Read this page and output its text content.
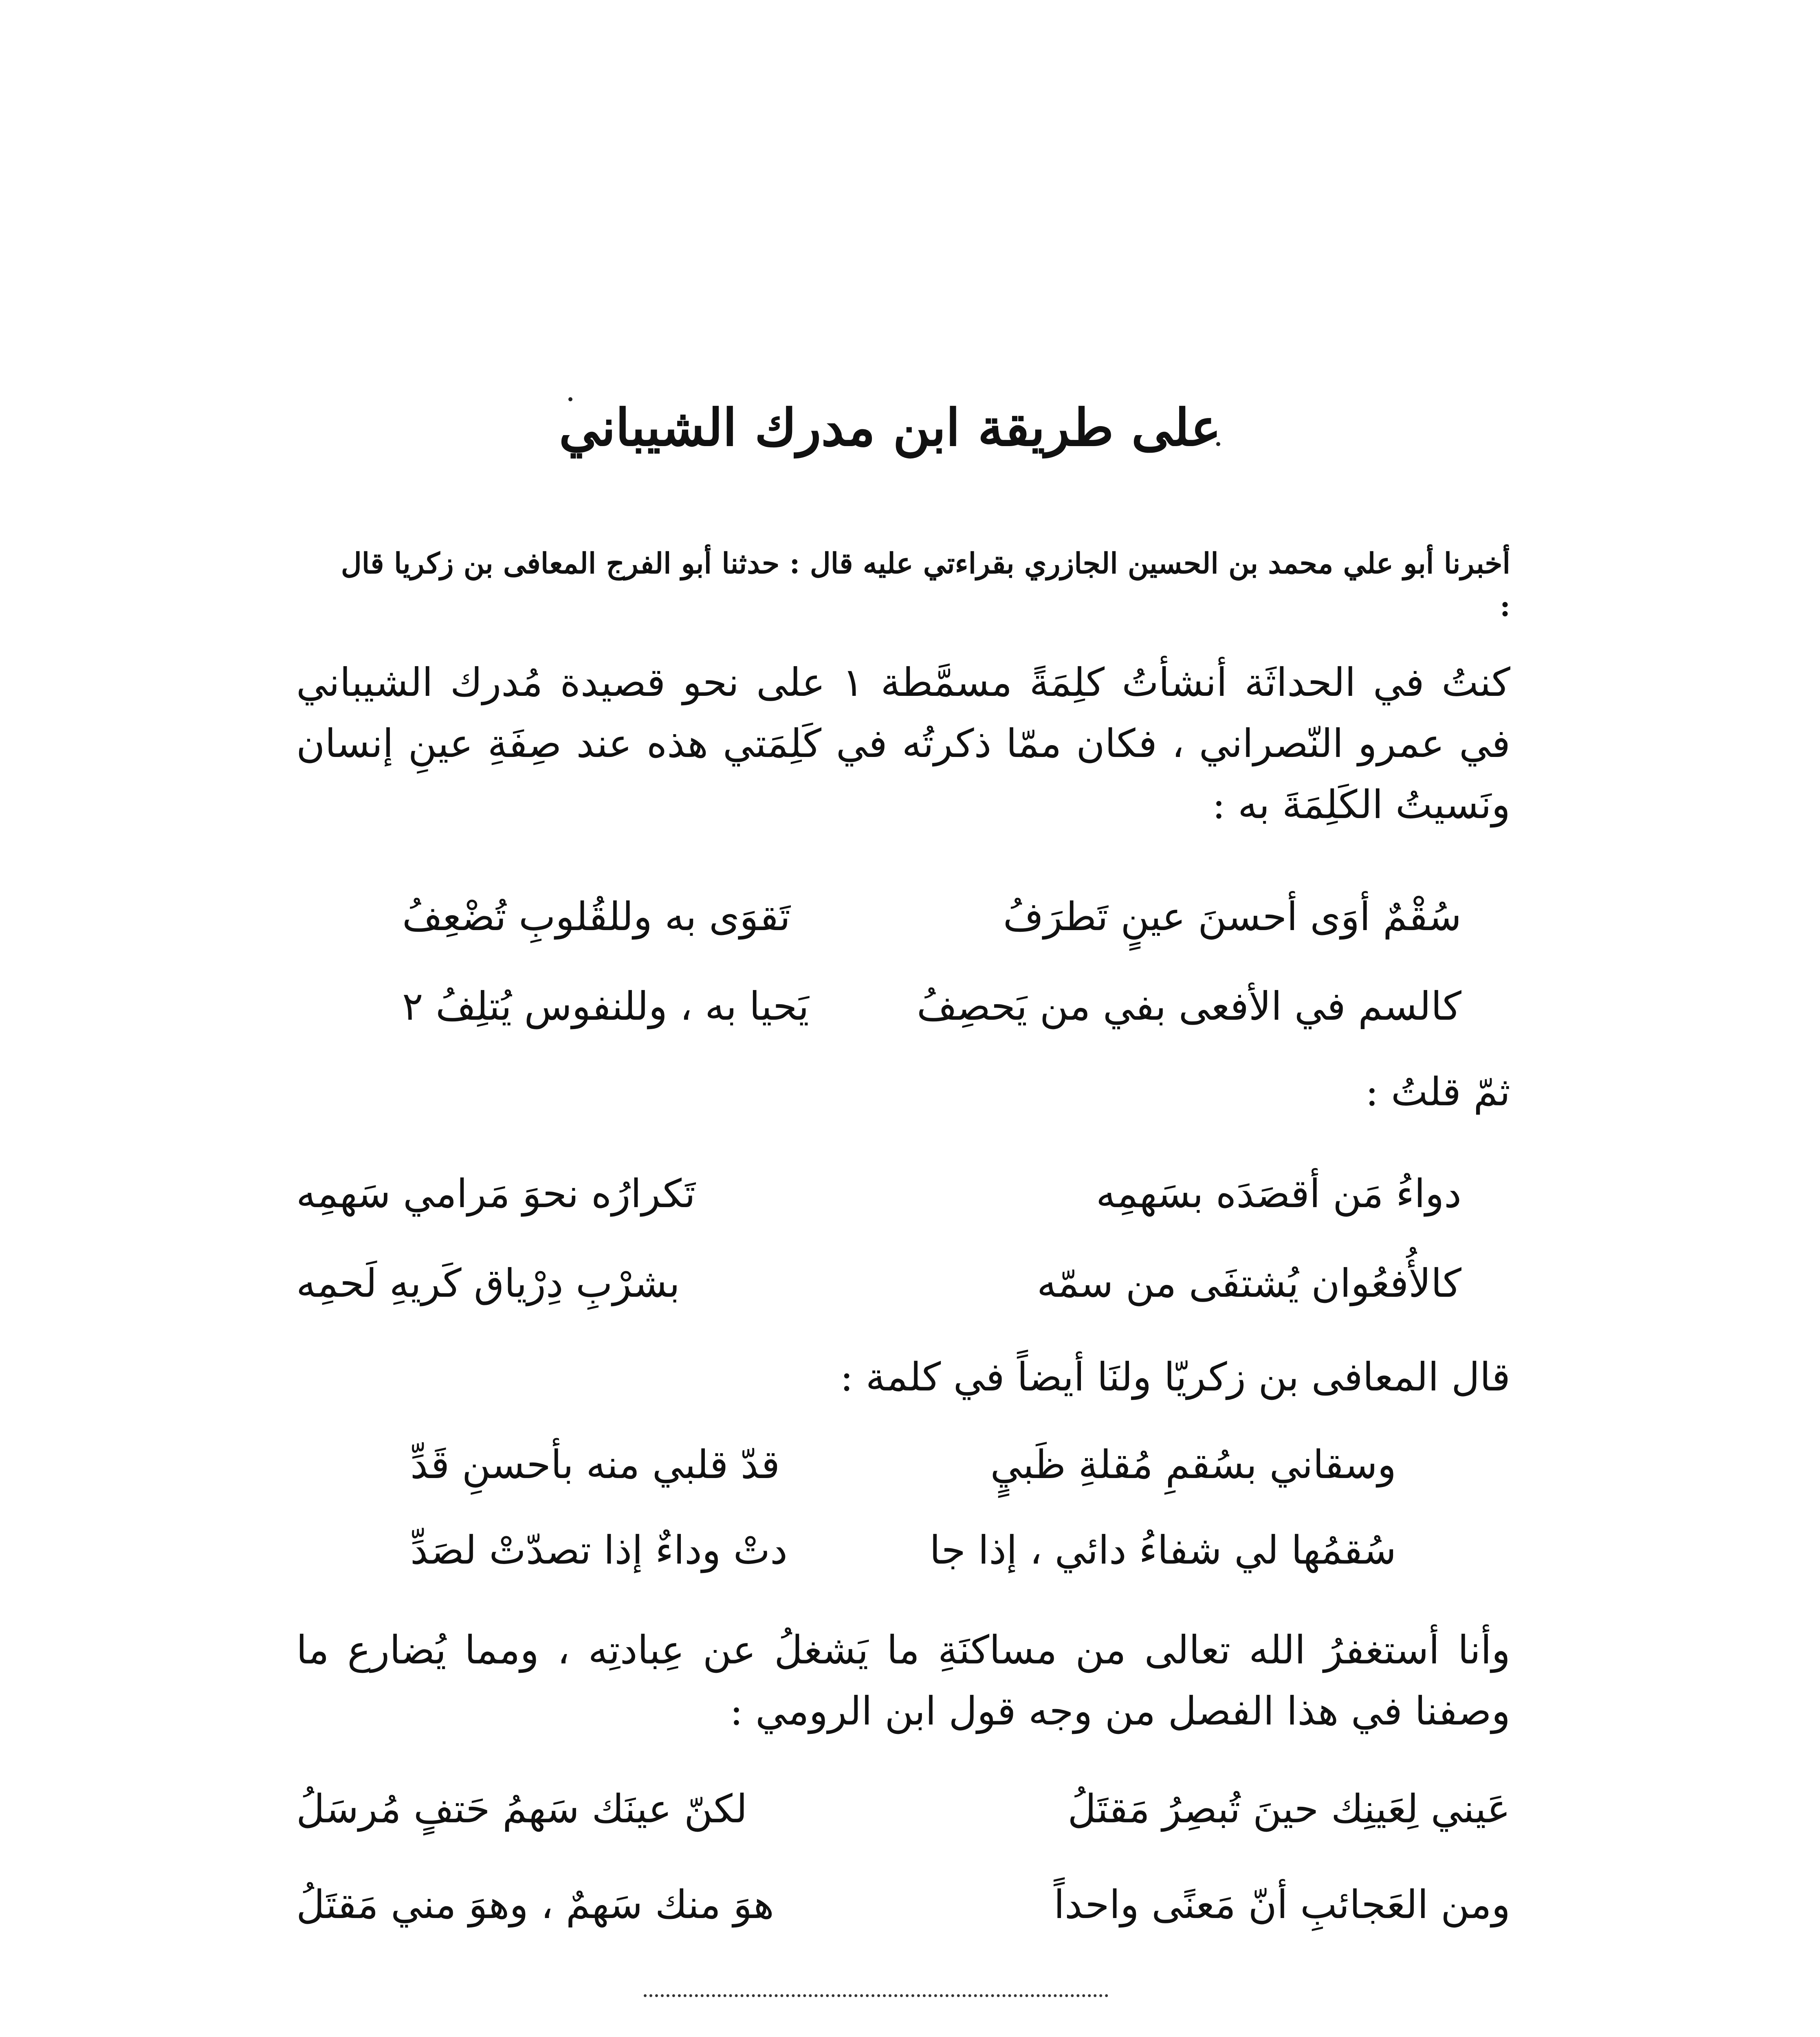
على طريقة ابن مدرك الشيباني
أخبرنا أبو علي محمد بن الحسين الجازري بقراءتي عليه قال : حدثنا أبو الفرج المعافى بن زكريا قال :
كنتُ في الحداثَة أنشأتُ كلِمَةً مسمَّطة ١ على نحو قصيدة مُدرك الشيباني في عمرو النّصراني ، فكان ممّا ذكرتُه في كَلِمَتي هذه عند صِفَةِ عينِ إنسان ونَسيتُ الكَلِمَةَ به :
سُقْمٌ أوَى أحسنَ عينٍ تَطرَفُ
تَقوَى به وللقُلوبِ تُضْعِفُ
كالسم في الأفعى بفي من يَحصِفُ
يَحيا به ، وللنفوس يُتلِفُ ٢
ثمّ قلتُ :
دواءُ مَن أقصَدَه بسَهمِه
تَكرارُه نحوَ مَرامي سَهمِه
كالأُفعُوان يُشتفَى من سمّه
بشرْبِ دِرْياق كَريهِ لَحمِه
قال المعافى بن زكريّا ولنَا أيضاً في كلمة :
وسقاني بسُقمِ مُقلةِ ظَبيٍ
قدّ قلبي منه بأحسنِ قَدِّ
سُقمُها لي شفاءُ دائي ، إذا جا
دتْ وداءٌ إذا تصدّتْ لصَدِّ
وأنا أستغفرُ الله تعالى من مساكنَةِ ما يَشغلُ عن عِبادتِه ، ومما يُضارع ما وصفنا في هذا الفصل من وجه قول ابن الرومي :
عَيني لِعَينِك حينَ تُبصِرُ مَقتَلُ
لكنّ عينَك سَهمُ حَتفٍ مُرسَلُ
ومن العَجائبِ أنّ مَعنًى واحداً
هوَ منك سَهمٌ ، وهوَ مني مَقتَلُ
